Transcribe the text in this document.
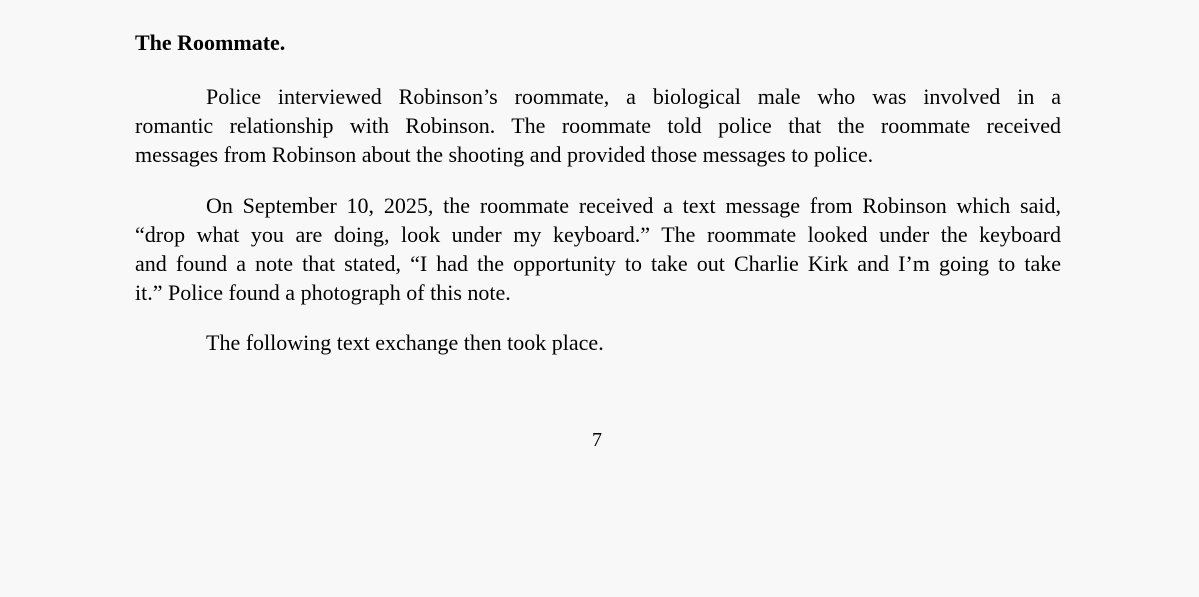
The Roommate.
Police interviewed Robinson’s roommate, a biological male who was involved in a
romantic relationship with Robinson. The roommate told police that the roommate received
messages from Robinson about the shooting and provided those messages to police.
On September 10, 2025, the roommate received a text message from Robinson which said,
“drop what you are doing, look under my keyboard.” The roommate looked under the keyboard
and found a note that stated, “I had the opportunity to take out Charlie Kirk and I’m going to take
it.” Police found a photograph of this note.
The following text exchange then took place.
7
